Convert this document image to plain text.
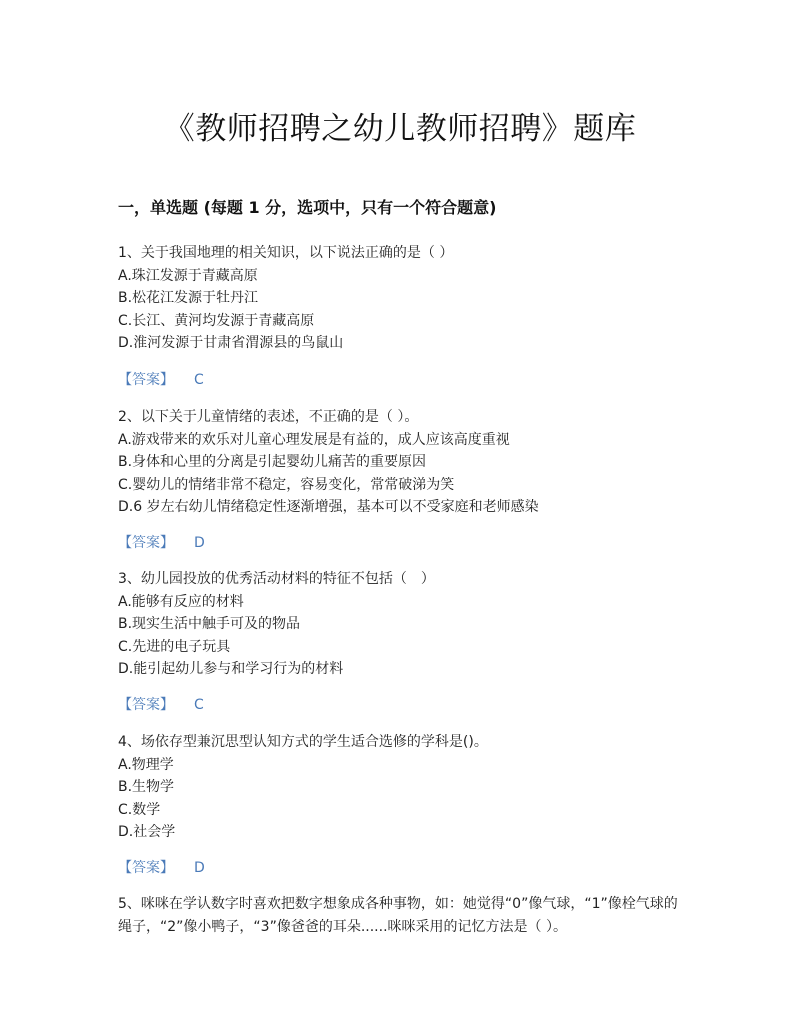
《教师招聘之幼儿教师招聘》题库
一，单选题 (每题 1 分，选项中，只有一个符合题意)
1、关于我国地理的相关知识，以下说法正确的是（ ）
A.珠江发源于青藏高原
B.松花江发源于牡丹江
C.长江、黄河均发源于青藏高原
D.淮河发源于甘肃省渭源县的鸟鼠山
【答案】 C
2、以下关于儿童情绪的表述，不正确的是（ ）。
A.游戏带来的欢乐对儿童心理发展是有益的，成人应该高度重视
B.身体和心里的分离是引起婴幼儿痛苦的重要原因
C.婴幼儿的情绪非常不稳定，容易变化，常常破涕为笑
D.6 岁左右幼儿情绪稳定性逐渐增强，基本可以不受家庭和老师感染
【答案】 D
3、幼儿园投放的优秀活动材料的特征不包括（　）
A.能够有反应的材料
B.现实生活中触手可及的物品
C.先进的电子玩具
D.能引起幼儿参与和学习行为的材料
【答案】 C
4、场依存型兼沉思型认知方式的学生适合选修的学科是()。
A.物理学
B.生物学
C.数学
D.社会学
【答案】 D
5、咪咪在学认数字时喜欢把数字想象成各种事物，如：她觉得“0”像气球，“1”像栓气球的绳子，“2”像小鸭子，“3”像爸爸的耳朵......咪咪采用的记忆方法是（ ）。
